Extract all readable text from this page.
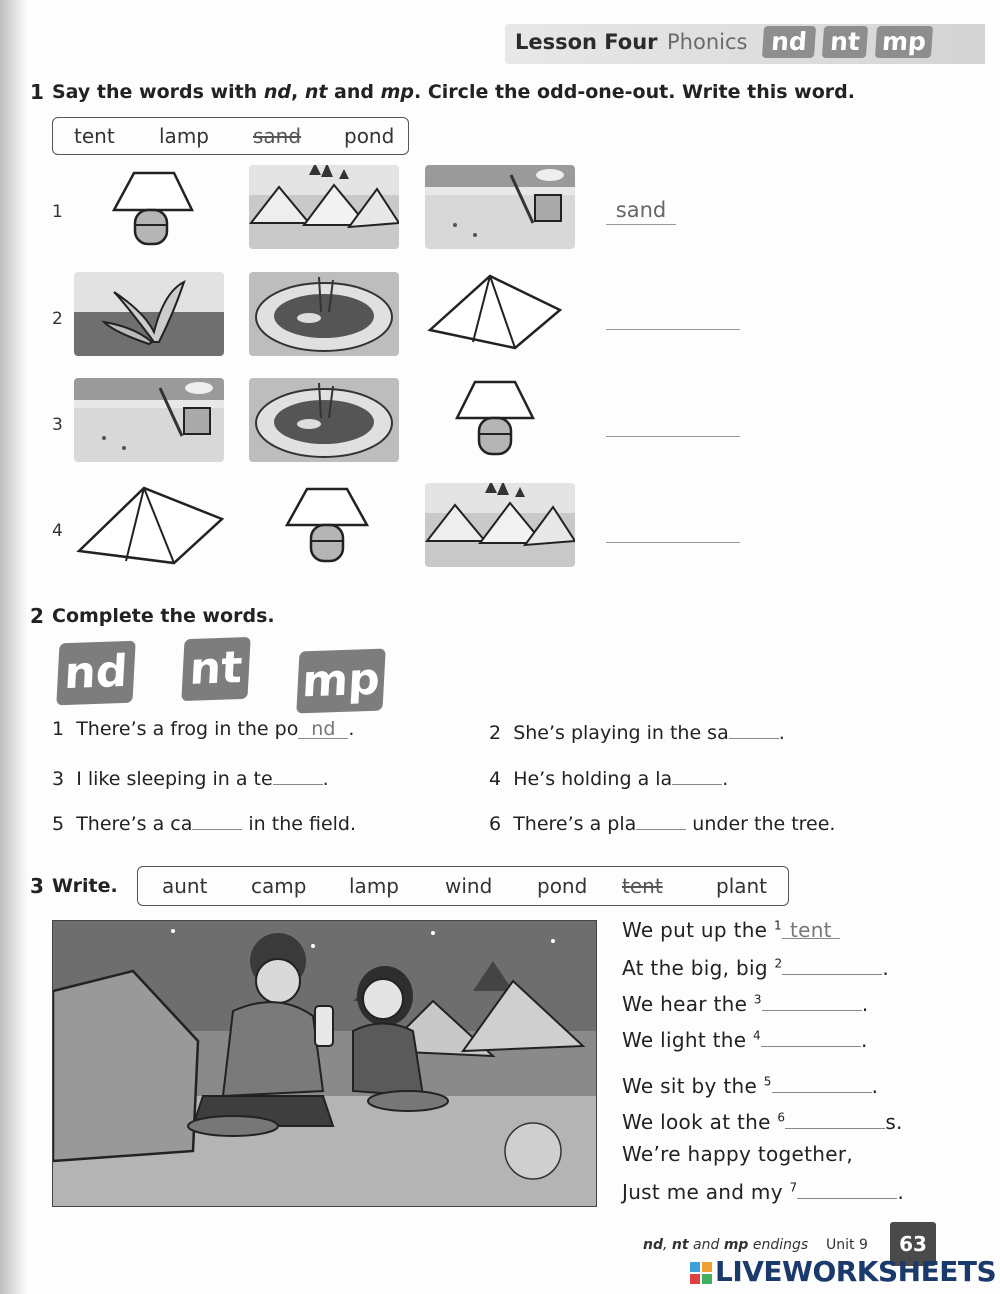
Lesson Four Phonics nd nt mp
1 Say the words with nd, nt and mp. Circle the odd-one-out. Write this word.
tent lamp sand pond
1
2
3
4
sand
2 Complete the words.
nd nt mp
1 There’s a frog in the po nd .	2 She’s playing in the sa	.
3 I like sleeping in a te	.	4 He’s holding a la	.
5 There’s a ca	in the field.	6 There’s a pla	under the tree.
3 Write. aunt camp lamp wind pond tent	plant
We put up the $^1$ tent
At the big, big $^2$	.
We hear the $^3$	.
We light the $^4$	.
We sit by the $^5$	.
We look at the $^6$	s.
We’re happy together,
Just me and my $^7$	.
nd, nt and mp endings Unit 9	63
LIVEWORKSHEETS
